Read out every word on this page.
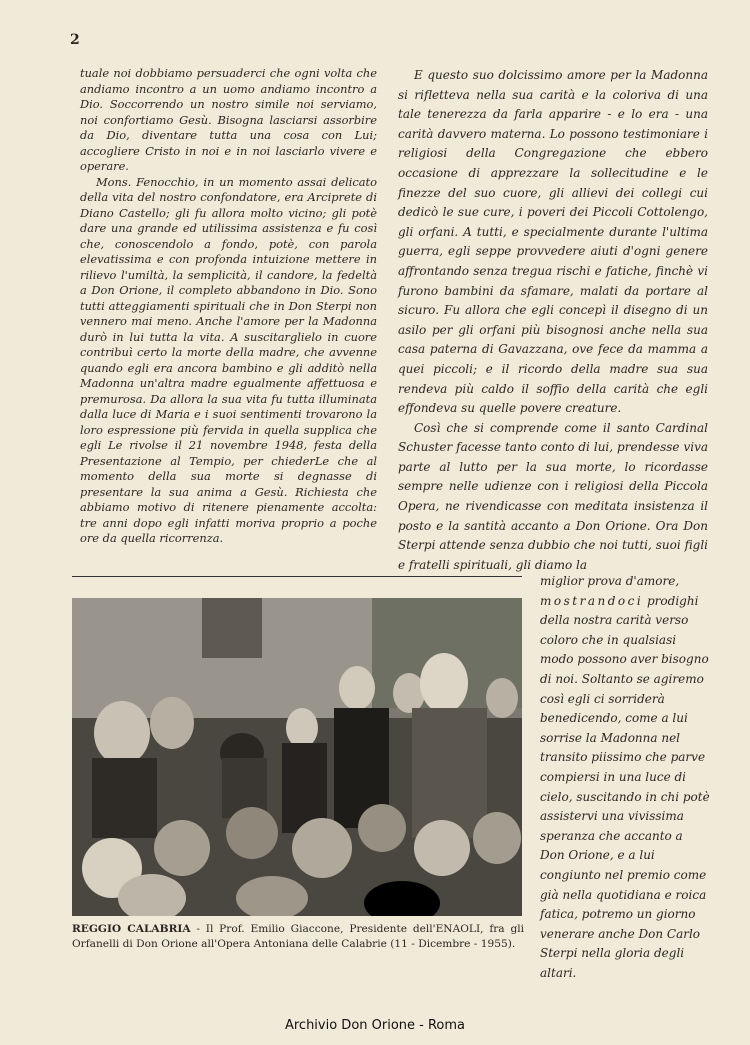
2

tuale noi dobbiamo persuaderci che ogni volta che andiamo incontro a un uomo andiamo incontro a Dio. Soccorrendo un nostro simile noi serviamo, noi confortiamo Gesù. Bisogna lasciarsi assorbire da Dio, diventare tutta una cosa con Lui; accogliere Cristo in noi e in noi lasciarlo vivere e operare.

Mons. Fenocchio, in un momento assai delicato della vita del nostro confondatore, era Arciprete di Diano Castello; gli fu allora molto vicino; gli potè dare una grande ed utilissima assistenza e fu così che, conoscendolo a fondo, potè, con parola elevatissima e con profonda intuizione mettere in rilievo l'umiltà, la semplicità, il candore, la fedeltà a Don Orione, il completo abbandono in Dio. Sono tutti atteggiamenti spirituali che in Don Sterpi non vennero mai meno. Anche l'amore per la Madonna durò in lui tutta la vita. A suscitarglielo in cuore contribuì certo la morte della madre, che avvenne quando egli era ancora bambino e gli additò nella Madonna un'altra madre egualmente affettuosa e premurosa. Da allora la sua vita fu tutta illuminata dalla luce di Maria e i suoi sentimenti trovarono la loro espressione più fervida in quella supplica che egli Le rivolse il 21 novembre 1948, festa della Presentazione al Tempio, per chiederLe che al momento della sua morte si degnasse di presentare la sua anima a Gesù. Richiesta che abbiamo motivo di ritenere pienamente accolta: tre anni dopo egli infatti moriva proprio a poche ore da quella ricorrenza.

E questo suo dolcissimo amore per la Madonna si rifletteva nella sua carità e la coloriva di una tale tenerezza da farla apparire - e lo era - una carità davvero materna. Lo possono testimoniare i religiosi della Congregazione che ebbero occasione di apprezzare la sollecitudine e le finezze del suo cuore, gli allievi dei collegi cui dedicò le sue cure, i poveri dei Piccoli Cottolengo, gli orfani. A tutti, e specialmente durante l'ultima guerra, egli seppe provvedere aiuti d'ogni genere affrontando senza tregua rischi e fatiche, finchè vi furono bambini da sfamare, malati da portare al sicuro. Fu allora che egli concepì il disegno di un asilo per gli orfani più bisognosi anche nella sua casa paterna di Gavazzana, ove fece da mamma a quei piccoli; e il ricordo della madre sua sua rendeva più caldo il soffio della carità che egli effondeva su quelle povere creature.

Così che si comprende come il santo Cardinal Schuster facesse tanto conto di lui, prendesse viva parte al lutto per la sua morte, lo ricordasse sempre nelle udienze con i religiosi della Piccola Opera, ne rivendicasse con meditata insistenza il posto e la santità accanto a Don Orione. Ora Don Sterpi attende senza dubbio che noi tutti, suoi figli e fratelli spirituali, gli diamo la

miglior prova d'amore, mostrandoci prodighi della nostra carità verso coloro che in qualsiasi modo possono aver bisogno di noi. Soltanto se agiremo così egli ci sorriderà benedicendo, come a lui sorrise la Madonna nel transito piissimo che parve compiersi in una luce di cielo, suscitando in chi potè assistervi una vivissima speranza che accanto a Don Orione, e a lui congiunto nel premio come già nella quotidiana e roica fatica, potremo un giorno venerare anche Don Carlo Sterpi nella gloria degli altari.
REGGIO CALABRIA - Il Prof. Emilio Giaccone, Presidente dell'ENAOLI, fra gli Orfanelli di Don Orione all'Opera Antoniana delle Calabrie (11 - Dicembre - 1955).
Archivio Don Orione - Roma
